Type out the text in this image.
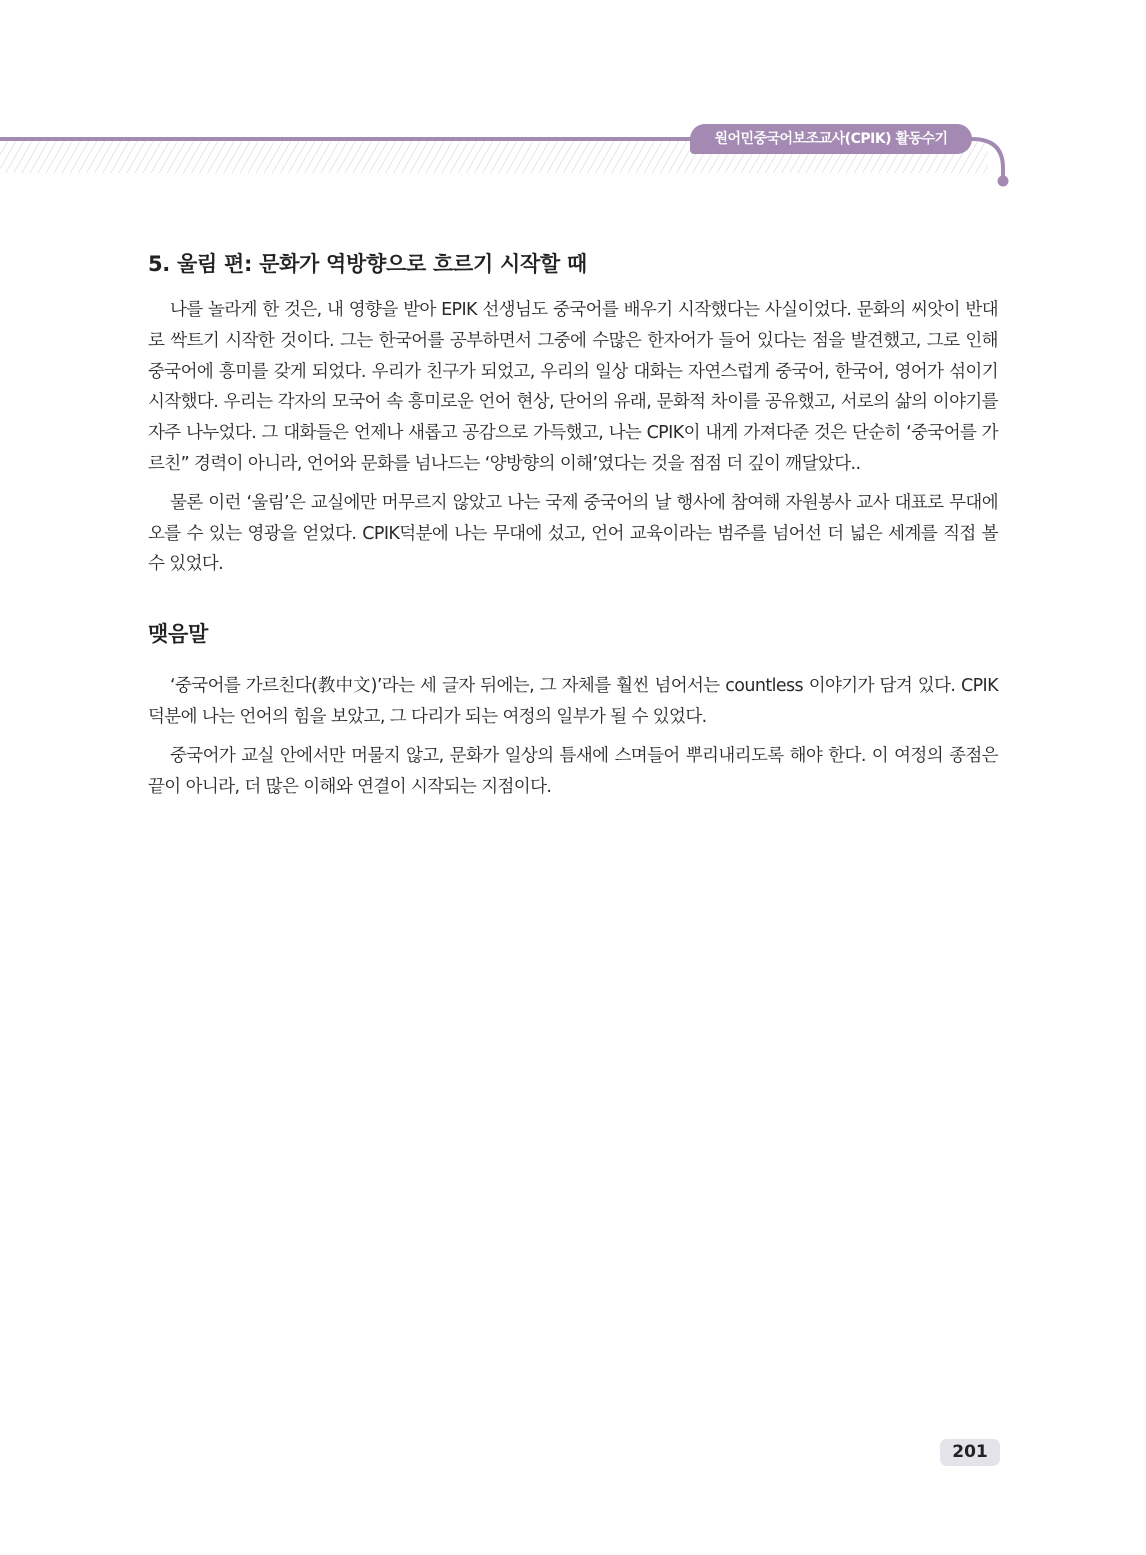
원어민중국어보조교사(CPIK) 활동수기
5. 울림 편: 문화가 역방향으로 흐르기 시작할 때

나를 놀라게 한 것은, 내 영향을 받아 EPIK 선생님도 중국어를 배우기 시작했다는 사실이었다. 문화의 씨앗이 반대로 싹트기 시작한 것이다. 그는 한국어를 공부하면서 그중에 수많은 한자어가 들어 있다는 점을 발견했고, 그로 인해 중국어에 흥미를 갖게 되었다. 우리가 친구가 되었고, 우리의 일상 대화는 자연스럽게 중국어, 한국어, 영어가 섞이기 시작했다. 우리는 각자의 모국어 속 흥미로운 언어 현상, 단어의 유래, 문화적 차이를 공유했고, 서로의 삶의 이야기를 자주 나누었다. 그 대화들은 언제나 새롭고 공감으로 가득했고, 나는 CPIK이 내게 가져다준 것은 단순히 ‘중국어를 가르친” 경력이 아니라, 언어와 문화를 넘나드는 ‘양방향의 이해’였다는 것을 점점 더 깊이 깨달았다..

물론 이런 ‘울림’은 교실에만 머무르지 않았고 나는 국제 중국어의 날 행사에 참여해 자원봉사 교사 대표로 무대에 오를 수 있는 영광을 얻었다. CPIK덕분에 나는 무대에 섰고, 언어 교육이라는 범주를 넘어선 더 넓은 세계를 직접 볼 수 있었다.

맺음말

‘중국어를 가르친다(教中文)’라는 세 글자 뒤에는, 그 자체를 훨씬 넘어서는 countless 이야기가 담겨 있다. CPIK덕분에 나는 언어의 힘을 보았고, 그 다리가 되는 여정의 일부가 될 수 있었다.

중국어가 교실 안에서만 머물지 않고, 문화가 일상의 틈새에 스며들어 뿌리내리도록 해야 한다. 이 여정의 종점은 끝이 아니라, 더 많은 이해와 연결이 시작되는 지점이다.

201
